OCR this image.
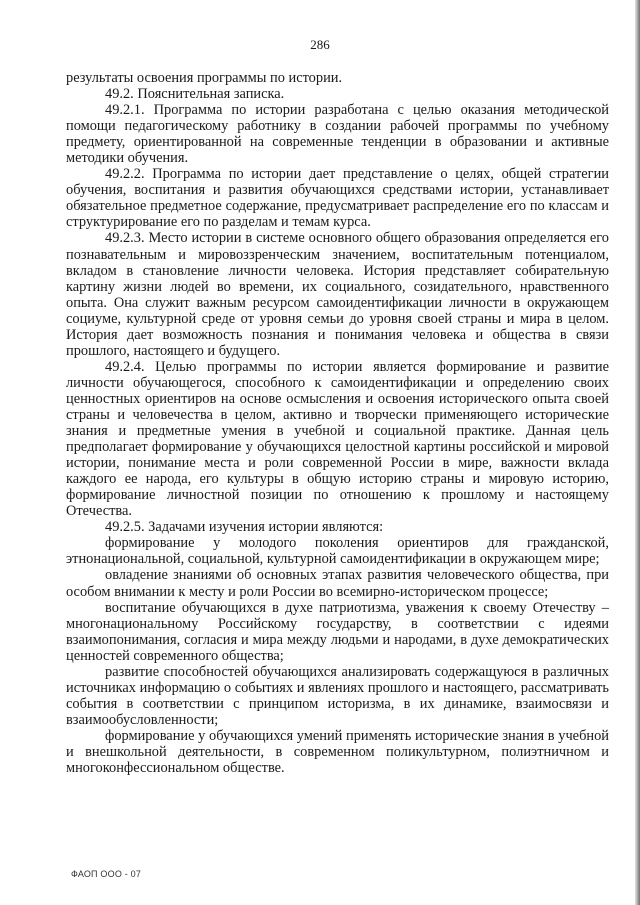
286

результаты освоения программы по истории.

49.2. Пояснительная записка.

49.2.1. Программа по истории разработана с целью оказания методической помощи педагогическому работнику в создании рабочей программы по учебному предмету, ориентированной на современные тенденции в образовании и активные методики обучения.

49.2.2. Программа по истории дает представление о целях, общей стратегии обучения, воспитания и развития обучающихся средствами истории, устанавливает обязательное предметное содержание, предусматривает распределение его по классам и структурирование его по разделам и темам курса.

49.2.3. Место истории в системе основного общего образования определяется его познавательным и мировоззренческим значением, воспитательным потенциалом, вкладом в становление личности человека. История представляет собирательную картину жизни людей во времени, их социального, созидательного, нравственного опыта. Она служит важным ресурсом самоидентификации личности в окружающем социуме, культурной среде от уровня семьи до уровня своей страны и мира в целом. История дает возможность познания и понимания человека и общества в связи прошлого, настоящего и будущего.

49.2.4. Целью программы по истории является формирование и развитие личности обучающегося, способного к самоидентификации и определению своих ценностных ориентиров на основе осмысления и освоения исторического опыта своей страны и человечества в целом, активно и творчески применяющего исторические знания и предметные умения в учебной и социальной практике. Данная цель предполагает формирование у обучающихся целостной картины российской и мировой истории, понимание места и роли современной России в мире, важности вклада каждого ее народа, его культуры в общую историю страны и мировую историю, формирование личностной позиции по отношению к прошлому и настоящему Отечества.

49.2.5. Задачами изучения истории являются:

формирование у молодого поколения ориентиров для гражданской, этнонациональной, социальной, культурной самоидентификации в окружающем мире;

овладение знаниями об основных этапах развития человеческого общества, при особом внимании к месту и роли России во всемирно-историческом процессе;

воспитание обучающихся в духе патриотизма, уважения к своему Отечеству – многонациональному Российскому государству, в соответствии с идеями взаимопонимания, согласия и мира между людьми и народами, в духе демократических ценностей современного общества;

развитие способностей обучающихся анализировать содержащуюся в различных источниках информацию о событиях и явлениях прошлого и настоящего, рассматривать события в соответствии с принципом историзма, в их динамике, взаимосвязи и взаимообусловленности;

формирование у обучающихся умений применять исторические знания в учебной и внешкольной деятельности, в современном поликультурном, полиэтничном и многоконфессиональном обществе.

ФАОП ООО - 07
